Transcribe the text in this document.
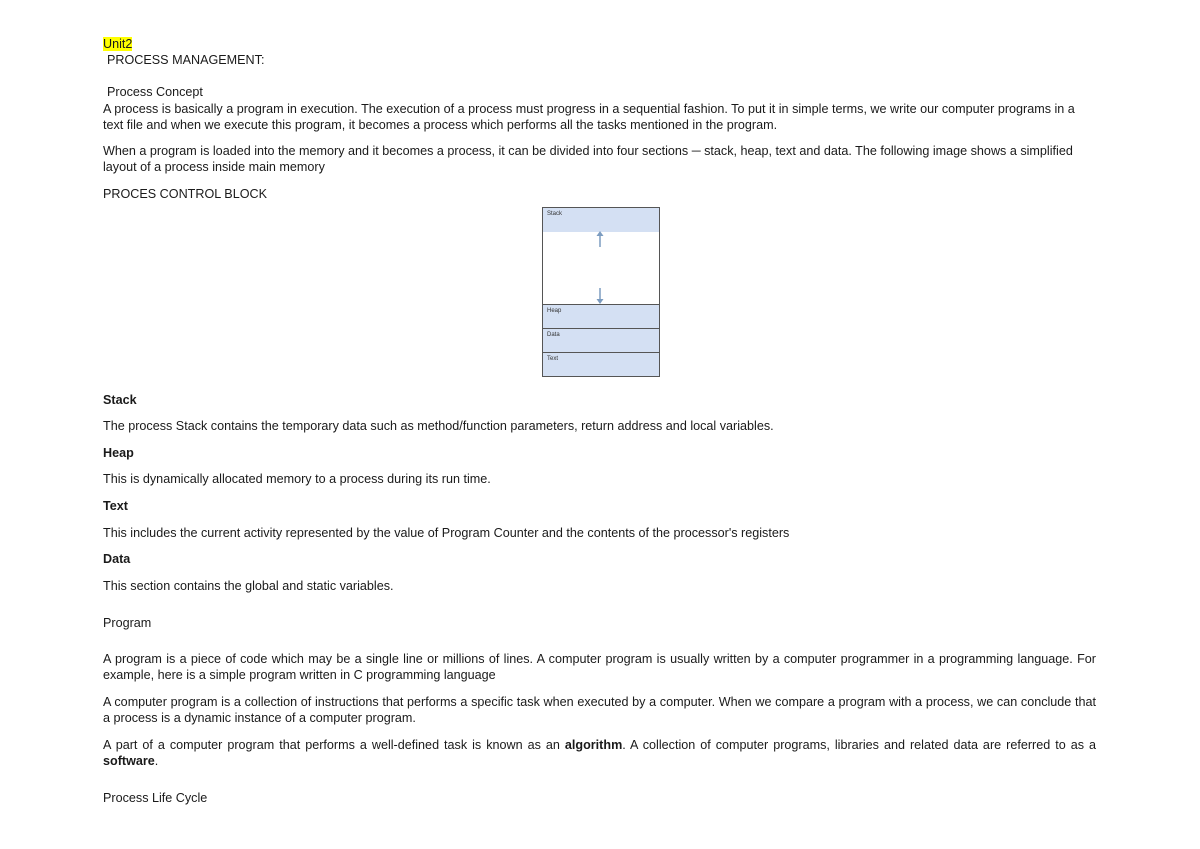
Unit2

PROCESS MANAGEMENT:

Process Concept

A process is basically a program in execution. The execution of a process must progress in a sequential fashion. To put it in simple terms, we write our computer programs in a text file and when we execute this program, it becomes a process which performs all the tasks mentioned in the program.

When a program is loaded into the memory and it becomes a process, it can be divided into four sections ─ stack, heap, text and data. The following image shows a simplified layout of a process inside main memory

PROCES CONTROL BLOCK

Stack
Heap
Data
Text

Stack

The process Stack contains the temporary data such as method/function parameters, return address and local variables.

Heap

This is dynamically allocated memory to a process during its run time.

Text

This includes the current activity represented by the value of Program Counter and the contents of the processor's registers

Data

This section contains the global and static variables.

Program

A program is a piece of code which may be a single line or millions of lines. A computer program is usually written by a computer programmer in a programming language. For example, here is a simple program written in C programming language

A computer program is a collection of instructions that performs a specific task when executed by a computer. When we compare a program with a process, we can conclude that a process is a dynamic instance of a computer program.

A part of a computer program that performs a well-defined task is known as an algorithm. A collection of computer programs, libraries and related data are referred to as a software.

Process Life Cycle
